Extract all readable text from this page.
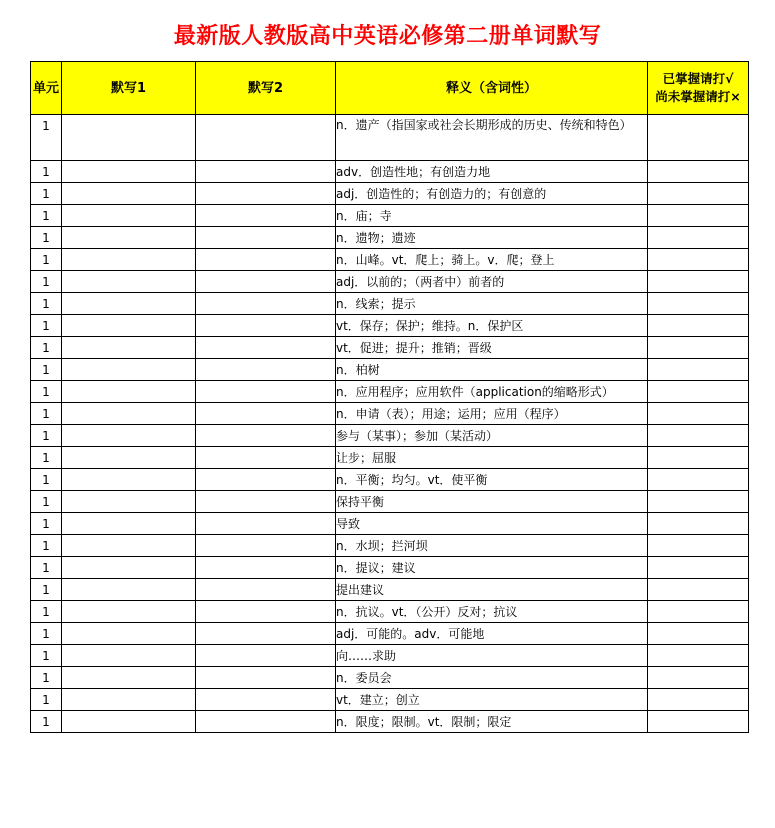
最新版人教版高中英语必修第二册单词默写
单元	默写1	默写2	释义（含词性）	已掌握请打√
尚未掌握请打×

1			n．遗产（指国家或社会长期形成的历史、传统和特色）	
1			adv．创造性地；有创造力地	
1			adj．创造性的；有创造力的；有创意的	
1			n．庙；寺	
1			n．遗物；遗迹	
1			n．山峰。vt．爬上；骑上。v．爬；登上	
1			adj．以前的；（两者中）前者的	
1			n．线索；提示	
1			vt．保存；保护；维持。n．保护区	
1			vt．促进；提升；推销；晋级	
1			n．柏树	
1			n．应用程序；应用软件（application的缩略形式）	
1			n．申请（表）；用途；运用；应用（程序）	
1			参与（某事）；参加（某活动）	
1			让步；屈服	
1			n．平衡；均匀。vt．使平衡	
1			保持平衡	
1			导致	
1			n．水坝；拦河坝	
1			n．提议；建议	
1			提出建议	
1			n．抗议。vt．（公开）反对；抗议	
1			adj．可能的。adv．可能地	
1			向……求助	
1			n．委员会	
1			vt．建立；创立	
1			n．限度；限制。vt．限制；限定	
